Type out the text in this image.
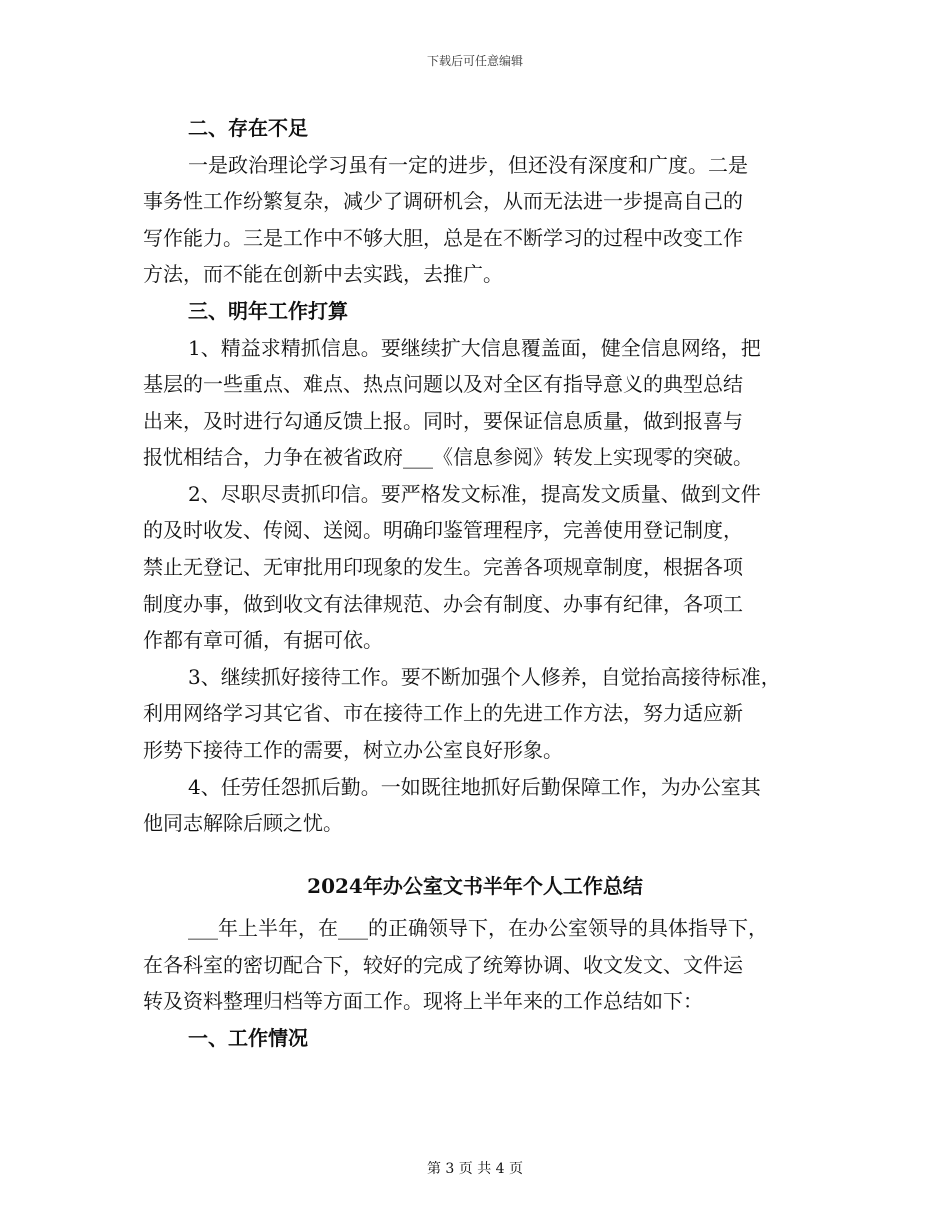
下载后可任意编辑
二、存在不足
一是政治理论学习虽有一定的进步，但还没有深度和广度。二是
事务性工作纷繁复杂，减少了调研机会，从而无法进一步提高自己的
写作能力。三是工作中不够大胆，总是在不断学习的过程中改变工作
方法，而不能在创新中去实践，去推广。
三、明年工作打算
1、精益求精抓信息。要继续扩大信息覆盖面，健全信息网络，把
基层的一些重点、难点、热点问题以及对全区有指导意义的典型总结
出来，及时进行勾通反馈上报。同时，要保证信息质量，做到报喜与
报忧相结合，力争在被省政府___《信息参阅》转发上实现零的突破。
2、尽职尽责抓印信。要严格发文标准，提高发文质量、做到文件
的及时收发、传阅、送阅。明确印鉴管理程序，完善使用登记制度，
禁止无登记、无审批用印现象的发生。完善各项规章制度，根据各项
制度办事，做到收文有法律规范、办会有制度、办事有纪律，各项工
作都有章可循，有据可依。
3、继续抓好接待工作。要不断加强个人修养，自觉抬高接待标准，
利用网络学习其它省、市在接待工作上的先进工作方法，努力适应新
形势下接待工作的需要，树立办公室良好形象。
4、任劳任怨抓后勤。一如既往地抓好后勤保障工作，为办公室其
他同志解除后顾之忧。
2024年办公室文书半年个人工作总结
___年上半年，在___的正确领导下，在办公室领导的具体指导下，
在各科室的密切配合下，较好的完成了统筹协调、收文发文、文件运
转及资料整理归档等方面工作。现将上半年来的工作总结如下：
一、工作情况
第 3 页 共 4 页
